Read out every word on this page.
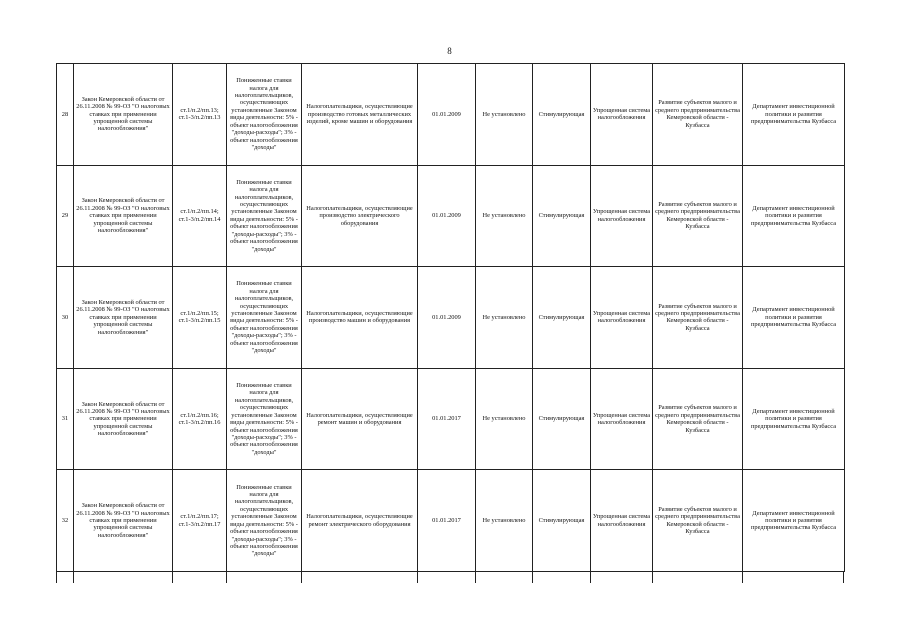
8
28	Закон Кемеровской области от 26.11.2008 № 99-ОЗ "О налоговых ставках при применении упрощенной системы налогообложения"	ст.1/п.2/пп.13; ст.1-3/п.2/пп.13	Пониженные ставки налога для налогоплательщиков, осуществляющих установленные Законом виды деятельности: 5% - объект налогообложения "доходы-расходы"; 3% - объект налогообложения "доходы"	Налогоплательщики, осуществляющие производство готовых металлических изделий, кроме машин и оборудования	01.01.2009	Не установлено	Стимулирующая	Упрощенная система налогообложения	Развитие субъектов малого и среднего предпринимательства Кемеровской области - Кузбасса	Департамент инвестиционной политики и развития предпринимательства Кузбасса
29	Закон Кемеровской области от 26.11.2008 № 99-ОЗ "О налоговых ставках при применении упрощенной системы налогообложения"	ст.1/п.2/пп.14; ст.1-3/п.2/пп.14	Пониженные ставки налога для налогоплательщиков, осуществляющих установленные Законом виды деятельности: 5% - объект налогообложения "доходы-расходы"; 3% - объект налогообложения "доходы"	Налогоплательщики, осуществляющие производство электрического оборудования	01.01.2009	Не установлено	Стимулирующая	Упрощенная система налогообложения	Развитие субъектов малого и среднего предпринимательства Кемеровской области - Кузбасса	Департамент инвестиционной политики и развития предпринимательства Кузбасса
30	Закон Кемеровской области от 26.11.2008 № 99-ОЗ "О налоговых ставках при применении упрощенной системы налогообложения"	ст.1/п.2/пп.15; ст.1-3/п.2/пп.15	Пониженные ставки налога для налогоплательщиков, осуществляющих установленные Законом виды деятельности: 5% - объект налогообложения "доходы-расходы"; 3% - объект налогообложения "доходы"	Налогоплательщики, осуществляющие производство машин и оборудования	01.01.2009	Не установлено	Стимулирующая	Упрощенная система налогообложения	Развитие субъектов малого и среднего предпринимательства Кемеровской области - Кузбасса	Департамент инвестиционной политики и развития предпринимательства Кузбасса
31	Закон Кемеровской области от 26.11.2008 № 99-ОЗ "О налоговых ставках при применении упрощенной системы налогообложения"	ст.1/п.2/пп.16; ст.1-3/п.2/пп.16	Пониженные ставки налога для налогоплательщиков, осуществляющих установленные Законом виды деятельности: 5% - объект налогообложения "доходы-расходы"; 3% - объект налогообложения "доходы"	Налогоплательщики, осуществляющие ремонт машин и оборудования	01.01.2017	Не установлено	Стимулирующая	Упрощенная система налогообложения	Развитие субъектов малого и среднего предпринимательства Кемеровской области - Кузбасса	Департамент инвестиционной политики и развития предпринимательства Кузбасса
32	Закон Кемеровской области от 26.11.2008 № 99-ОЗ "О налоговых ставках при применении упрощенной системы налогообложения"	ст.1/п.2/пп.17; ст.1-3/п.2/пп.17	Пониженные ставки налога для налогоплательщиков, осуществляющих установленные Законом виды деятельности: 5% - объект налогообложения "доходы-расходы"; 3% - объект налогообложения "доходы"	Налогоплательщики, осуществляющие ремонт электрического оборудования	01.01.2017	Не установлено	Стимулирующая	Упрощенная система налогообложения	Развитие субъектов малого и среднего предпринимательства Кемеровской области - Кузбасса	Департамент инвестиционной политики и развития предпринимательства Кузбасса
